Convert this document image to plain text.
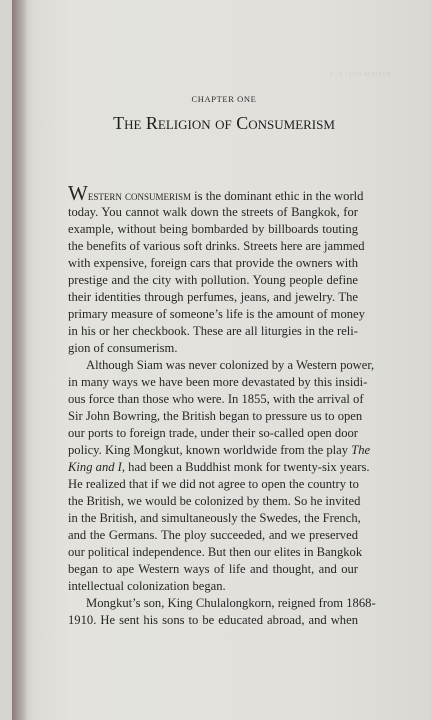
1 | 6 | 1993 MATTER
CHAPTER ONE
The Religion of Consumerism
Western consumerism is the dominant ethic in the world
today. You cannot walk down the streets of Bangkok, for
example, without being bombarded by billboards touting
the benefits of various soft drinks. Streets here are jammed
with expensive, foreign cars that provide the owners with
prestige and the city with pollution. Young people define
their identities through perfumes, jeans, and jewelry. The
primary measure of someone’s life is the amount of money
in his or her checkbook. These are all liturgies in the reli-
gion of consumerism.
Although Siam was never colonized by a Western power,
in many ways we have been more devastated by this insidi-
ous force than those who were. In 1855, with the arrival of
Sir John Bowring, the British began to pressure us to open
our ports to foreign trade, under their so-called open door
policy. King Mongkut, known worldwide from the play The
King and I, had been a Buddhist monk for twenty-six years.
He realized that if we did not agree to open the country to
the British, we would be colonized by them. So he invited
in the British, and simultaneously the Swedes, the French,
and the Germans. The ploy succeeded, and we preserved
our political independence. But then our elites in Bangkok
began to ape Western ways of life and thought, and our
intellectual colonization began.
Mongkut’s son, King Chulalongkorn, reigned from 1868-
1910. He sent his sons to be educated abroad, and when
